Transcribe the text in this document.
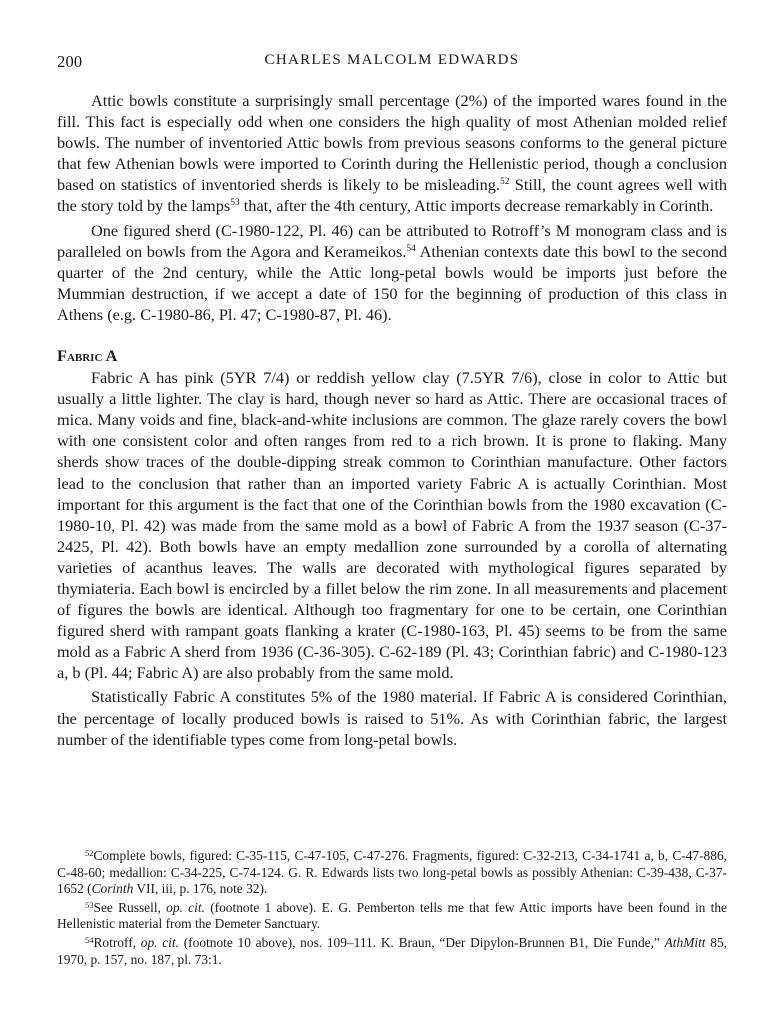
200	CHARLES MALCOLM EDWARDS

Attic bowls constitute a surprisingly small percentage (2%) of the imported wares found in the fill. This fact is especially odd when one considers the high quality of most Athenian molded relief bowls. The number of inventoried Attic bowls from previous seasons conforms to the general picture that few Athenian bowls were imported to Corinth during the Hellenistic period, though a conclusion based on statistics of inventoried sherds is likely to be misleading.$^{52}$ Still, the count agrees well with the story told by the lamps$^{53}$ that, after the 4th century, Attic imports decrease remarkably in Corinth.

One figured sherd (C-1980-122, Pl. 46) can be attributed to Rotroff’s M monogram class and is paralleled on bowls from the Agora and Kerameikos.$^{54}$ Athenian contexts date this bowl to the second quarter of the 2nd century, while the Attic long-petal bowls would be imports just before the Mummian destruction, if we accept a date of 150 for the beginning of production of this class in Athens (e.g. C-1980-86, Pl. 47; C-1980-87, Pl. 46).

Fabric A

Fabric A has pink (5YR 7/4) or reddish yellow clay (7.5YR 7/6), close in color to Attic but usually a little lighter. The clay is hard, though never so hard as Attic. There are occasional traces of mica. Many voids and fine, black-and-white inclusions are common. The glaze rarely covers the bowl with one consistent color and often ranges from red to a rich brown. It is prone to flaking. Many sherds show traces of the double-dipping streak common to Corinthian manufacture. Other factors lead to the conclusion that rather than an imported variety Fabric A is actually Corinthian. Most important for this argument is the fact that one of the Corinthian bowls from the 1980 excavation (C-1980-10, Pl. 42) was made from the same mold as a bowl of Fabric A from the 1937 season (C-37-2425, Pl. 42). Both bowls have an empty medallion zone surrounded by a corolla of alternating varieties of acanthus leaves. The walls are decorated with mythological figures separated by thymiateria. Each bowl is encircled by a fillet below the rim zone. In all measurements and placement of figures the bowls are identical. Although too fragmentary for one to be certain, one Corinthian figured sherd with rampant goats flanking a krater (C-1980-163, Pl. 45) seems to be from the same mold as a Fabric A sherd from 1936 (C-36-305). C-62-189 (Pl. 43; Corinthian fabric) and C-1980-123 a, b (Pl. 44; Fabric A) are also probably from the same mold.

Statistically Fabric A constitutes 5% of the 1980 material. If Fabric A is considered Corinthian, the percentage of locally produced bowls is raised to 51%. As with Corinthian fabric, the largest number of the identifiable types come from long-petal bowls.

$^{52}$Complete bowls, figured: C-35-115, C-47-105, C-47-276. Fragments, figured: C-32-213, C-34-1741 a, b, C-47-886, C-48-60; medallion: C-34-225, C-74-124. G. R. Edwards lists two long-petal bowls as possibly Athenian: C-39-438, C-37-1652 (Corinth VII, iii, p. 176, note 32).

$^{53}$See Russell, op. cit. (footnote 1 above). E. G. Pemberton tells me that few Attic imports have been found in the Hellenistic material from the Demeter Sanctuary.

$^{54}$Rotroff, op. cit. (footnote 10 above), nos. 109–111. K. Braun, “Der Dipylon-Brunnen B1, Die Funde,” AthMitt 85, 1970, p. 157, no. 187, pl. 73:1.
